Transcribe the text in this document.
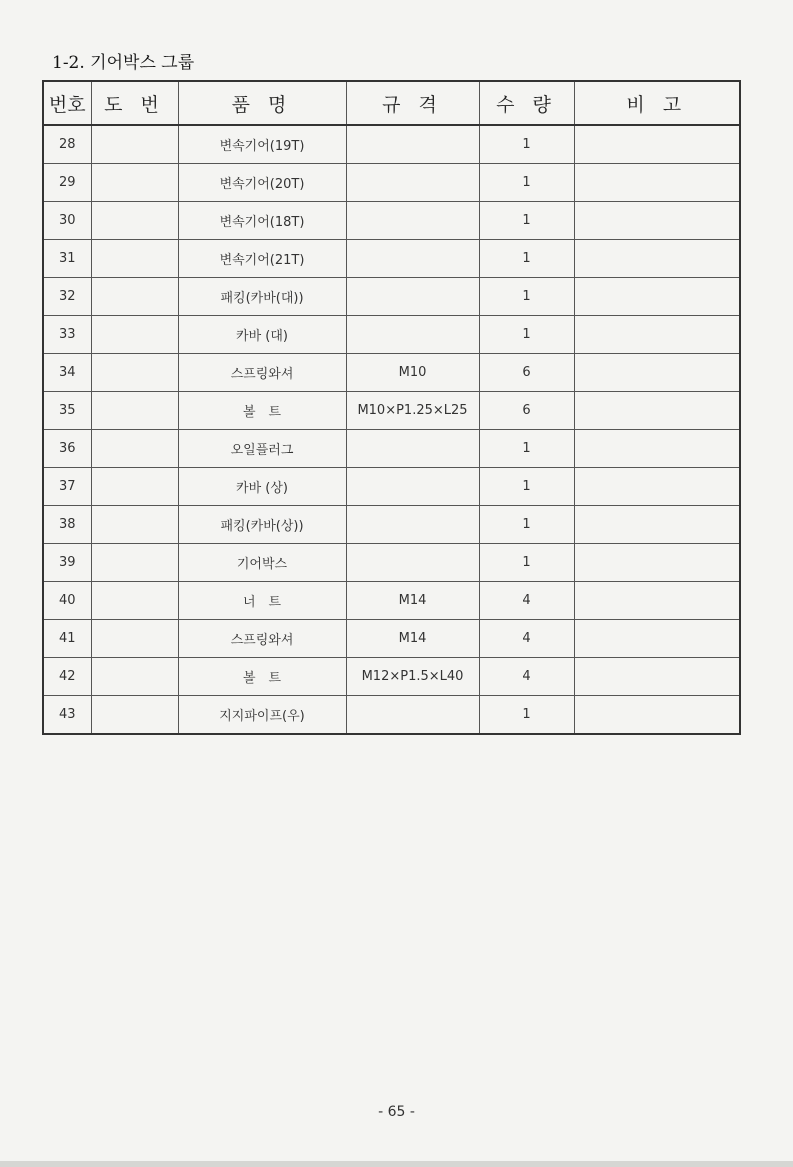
1-2. 기어박스 그룹
번호	도 번	품 명	규 격	수 량	비 고
28		변속기어(19T)		1	
29		변속기어(20T)		1	
30		변속기어(18T)		1	
31		변속기어(21T)		1	
32		패킹(카바(대))		1	
33		카바 (대)		1	
34		스프링와셔	M10	6	
35		볼　트	M10×P1.25×L25	6	
36		오일플러그		1	
37		카바 (상)		1	
38		패킹(카바(상))		1	
39		기어박스		1	
40		너　트	M14	4	
41		스프링와셔	M14	4	
42		볼　트	M12×P1.5×L40	4	
43		지지파이프(우)		1	
- 65 -
